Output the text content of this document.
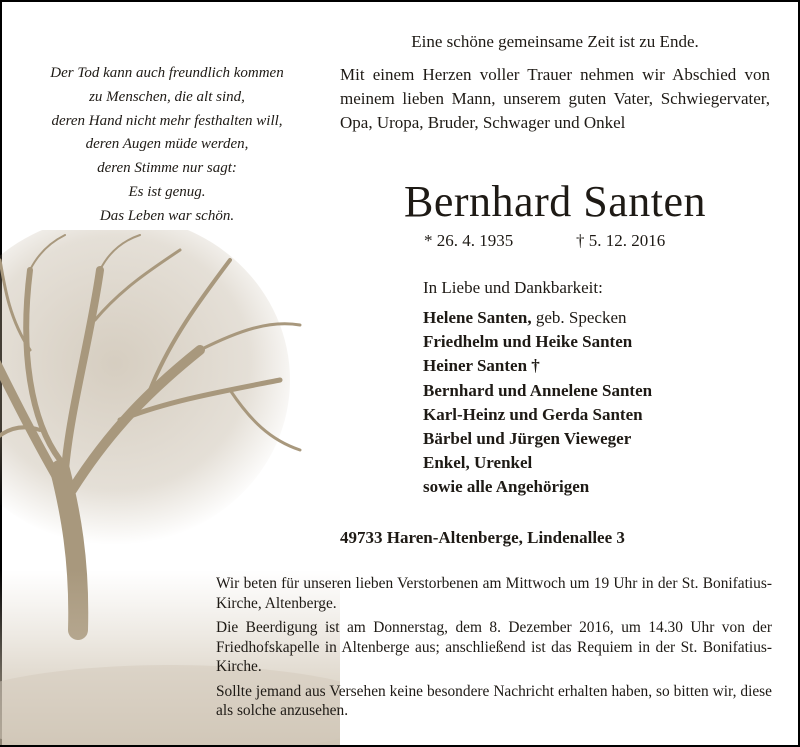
Der Tod kann auch freundlich kommen
zu Menschen, die alt sind,
deren Hand nicht mehr festhalten will,
deren Augen müde werden,
deren Stimme nur sagt:
Es ist genug.
Das Leben war schön.
Eine schöne gemeinsame Zeit ist zu Ende.
Mit einem Herzen voller Trauer nehmen wir Abschied von meinem lieben Mann, unserem guten Vater, Schwiegervater, Opa, Uropa, Bruder, Schwager und Onkel
Bernhard Santen
* 26. 4. 1935	† 5. 12. 2016
In Liebe und Dankbarkeit:
Helene Santen, geb. Specken
Friedhelm und Heike Santen
Heiner Santen †
Bernhard und Annelene Santen
Karl-Heinz und Gerda Santen
Bärbel und Jürgen Vieweger
Enkel, Urenkel
sowie alle Angehörigen
49733 Haren-Altenberge, Lindenallee 3

Wir beten für unseren lieben Verstorbenen am Mittwoch um 19 Uhr in der St. Bonifatius-Kirche, Altenberge.

Die Beerdigung ist am Donnerstag, dem 8. Dezember 2016, um 14.30 Uhr von der Friedhofskapelle in Altenberge aus; anschließend ist das Requiem in der St. Bonifatius-Kirche.

Sollte jemand aus Versehen keine besondere Nachricht erhalten haben, so bitten wir, diese als solche anzusehen.
